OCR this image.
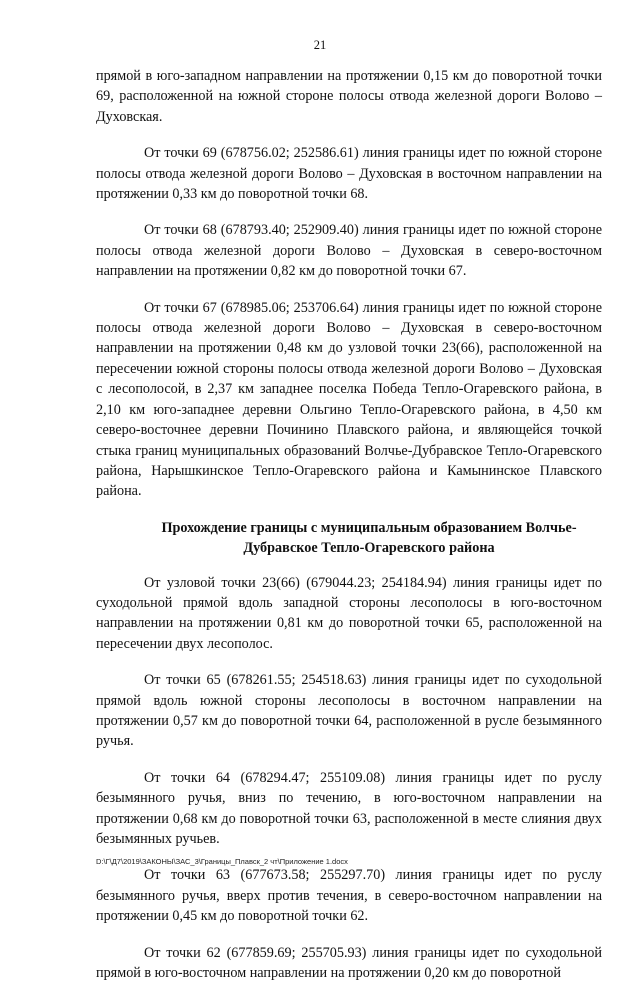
21

прямой в юго-западном направлении на протяжении 0,15 км до поворотной точки 69, расположенной на южной стороне полосы отвода железной дороги Волово – Духовская.

От точки 69 (678756.02; 252586.61) линия границы идет по южной стороне полосы отвода железной дороги Волово – Духовская в восточном направлении на протяжении 0,33 км до поворотной точки 68.

От точки 68 (678793.40; 252909.40) линия границы идет по южной стороне полосы отвода железной дороги Волово – Духовская в северо-восточном направлении на протяжении 0,82 км до поворотной точки 67.

От точки 67 (678985.06; 253706.64) линия границы идет по южной стороне полосы отвода железной дороги Волово – Духовская в северо-восточном направлении на протяжении 0,48 км до узловой точки 23(66), расположенной на пересечении южной стороны полосы отвода железной дороги Волово – Духовская с лесополосой, в 2,37 км западнее поселка Победа Тепло-Огаревского района, в 2,10 км юго-западнее деревни Ольгино Тепло-Огаревского района, в 4,50 км северо-восточнее деревни Починино Плавского района, и являющейся точкой стыка границ муниципальных образований Волчье-Дубравское Тепло-Огаревского района, Нарышкинское Тепло-Огаревского района и Камынинское Плавского района.

Прохождение границы с муниципальным образованием Волчье-Дубравское Тепло-Огаревского района

От узловой точки 23(66) (679044.23; 254184.94) линия границы идет по суходольной прямой вдоль западной стороны лесополосы в юго-восточном направлении на протяжении 0,81 км до поворотной точки 65, расположенной на пересечении двух лесополос.

От точки 65 (678261.55; 254518.63) линия границы идет по суходольной прямой вдоль южной стороны лесополосы в восточном направлении на протяжении 0,57 км до поворотной точки 64, расположенной в русле безымянного ручья.

От точки 64 (678294.47; 255109.08) линия границы идет по руслу безымянного ручья, вниз по течению, в юго-восточном направлении на протяжении 0,68 км до поворотной точки 63, расположенной в месте слияния двух безымянных ручьев.

От точки 63 (677673.58; 255297.70) линия границы идет по руслу безымянного ручья, вверх против течения, в северо-восточном направлении на протяжении 0,45 км до поворотной точки 62.

От точки 62 (677859.69; 255705.93) линия границы идет по суходольной прямой в юго-восточном направлении на протяжении 0,20 км до поворотной

D:\Г\Д7\2019\ЗАКОНЫ\ЗАС_3\Границы_Плавск_2 чт\Приложение 1.docx
